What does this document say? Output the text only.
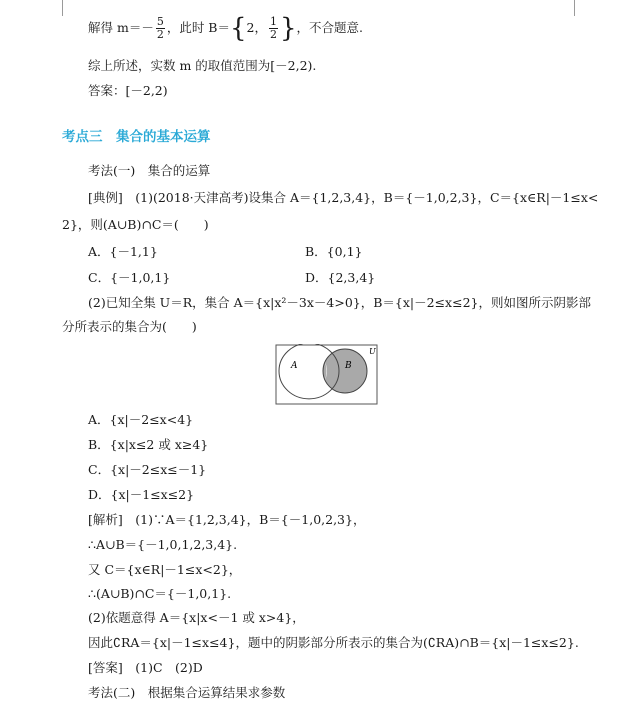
解得 $m=- \frac{5}{2}$ ，此时 B＝{2， $\frac{1}{2}$ }，不合题意.
综上所述，实数 m 的取值范围为[－2,2).
答案：[－2,2)
考点三　集合的基本运算
考法(一)　集合的运算
[典例]　(1)(2018·天津高考)设集合 A＝{1,2,3,4}，B＝{－1,0,2,3}，C＝{x∈R|－1≤x<
2}，则(A∪B)∩C＝(　　)
A．{－1,1}	B．{0,1}
C．{－1,0,1}	D．{2,3,4}
(2)已知全集 U＝R，集合 A＝{x|x²－3x－4>0}，B＝{x|－2≤x≤2}，则如图所示阴影部
分所表示的集合为(　　)
U
A	B
A．{x|－2≤x<4}
B．{x|x≤2 或 x≥4}
C．{x|－2≤x≤－1}
D．{x|－1≤x≤2}
[解析]　(1)∵A＝{1,2,3,4}，B＝{－1,0,2,3}，
∴A∪B＝{－1,0,1,2,3,4}.
又 C＝{x∈R|－1≤x<2}，
∴(A∪B)∩C＝{－1,0,1}.
(2)依题意得 A＝{x|x<－1 或 x>4}，
因此∁RA＝{x|－1≤x≤4}，题中的阴影部分所表示的集合为(∁RA)∩B＝{x|－1≤x≤2}.
[答案]　(1)C　(2)D
考法(二)　根据集合运算结果求参数
